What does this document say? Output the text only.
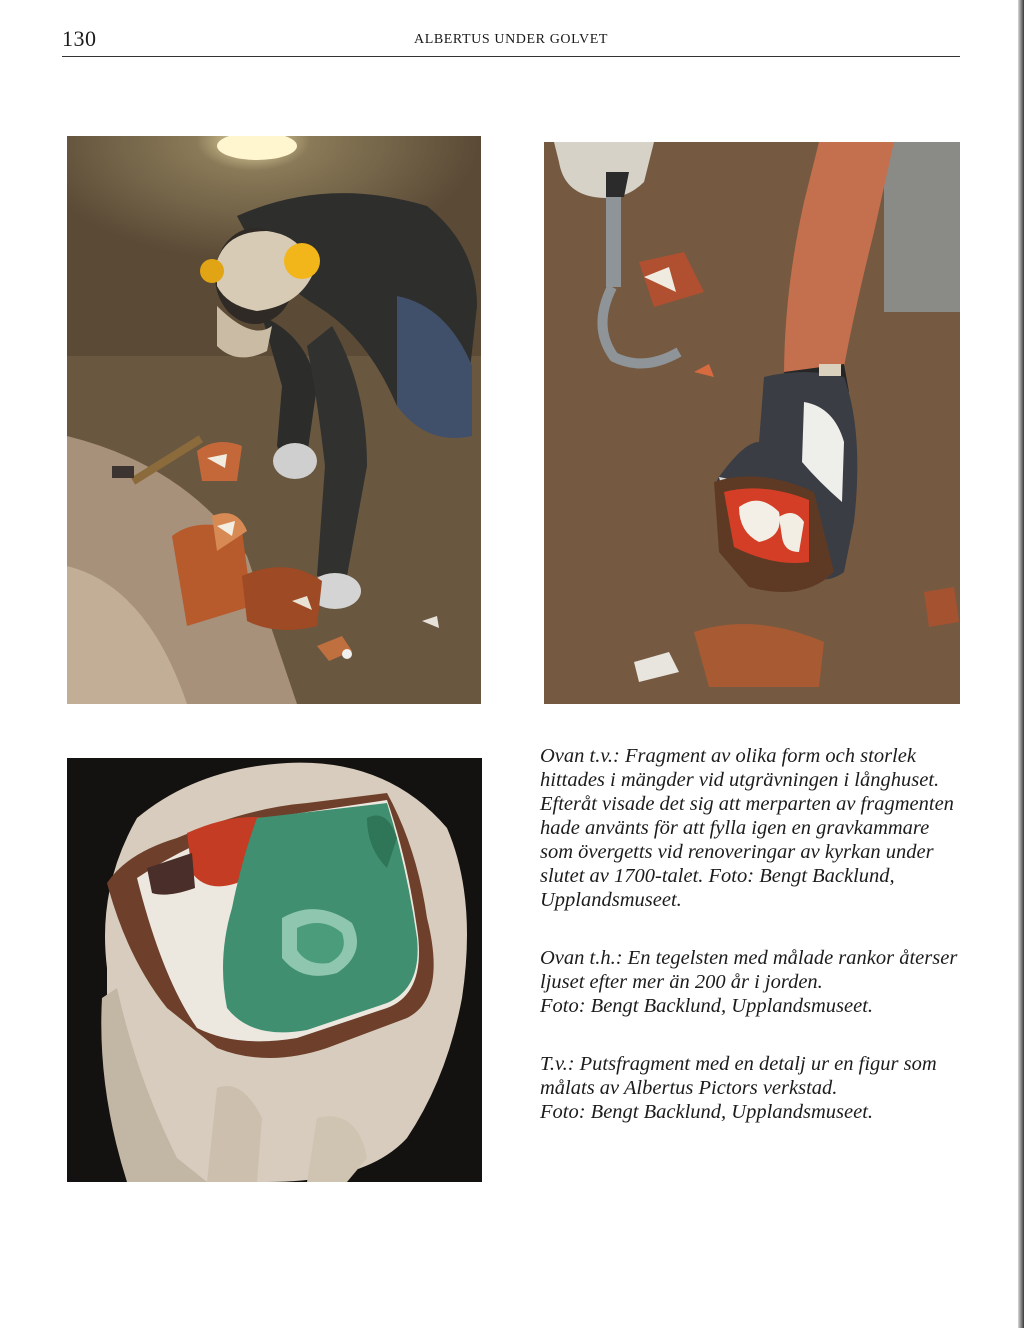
130	ALBERTUS UNDER GOLVET
Ovan t.v.: Fragment av olika form och storlek
hittades i mängder vid utgrävningen i långhuset.
Efteråt visade det sig att merparten av fragmenten
hade använts för att fylla igen en gravkammare
som övergetts vid renoveringar av kyrkan under
slutet av 1700-talet. Foto: Bengt Backlund,
Upplandsmuseet.
Ovan t.h.: En tegelsten med målade rankor återser
ljuset efter mer än 200 år i jorden.
Foto: Bengt Backlund, Upplandsmuseet.
T.v.: Putsfragment med en detalj ur en figur som
målats av Albertus Pictors verkstad.
Foto: Bengt Backlund, Upplandsmuseet.
